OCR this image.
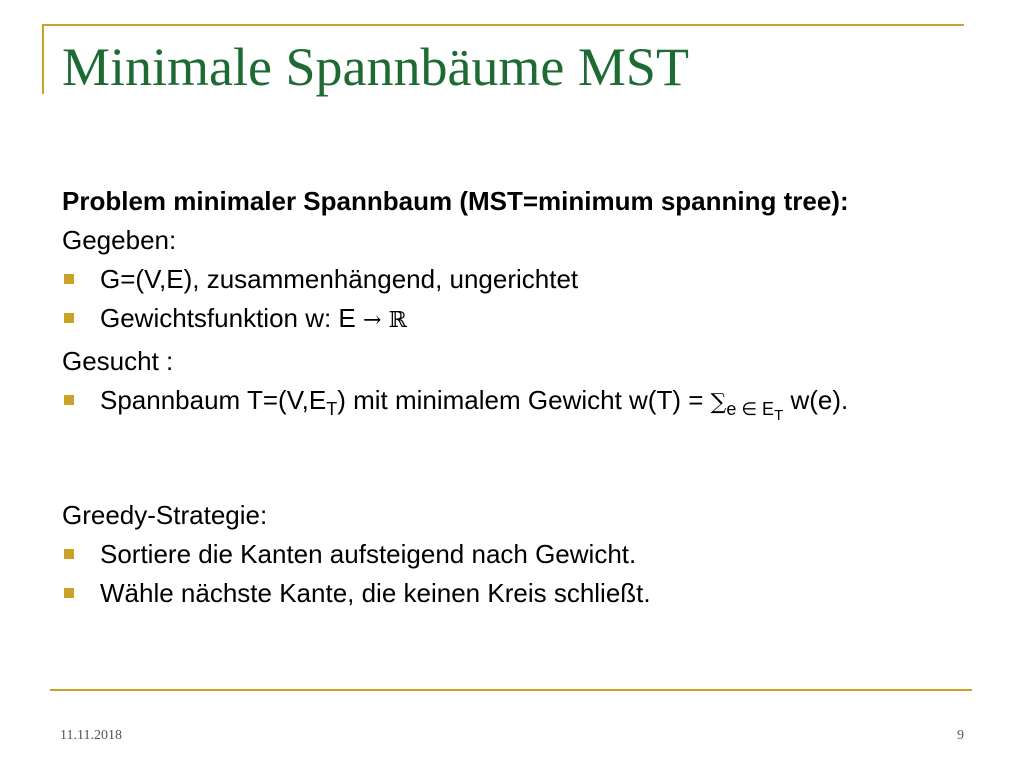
Minimale Spannbäume MST
Problem minimaler Spannbaum (MST=minimum spanning tree):
Gegeben:
G=(V,E), zusammenhängend, ungerichtet
Gewichtsfunktion w: E → ℝ
Gesucht :
Spannbaum $T=(V,E_T)$ mit minimalem Gewicht $w(T) = \sum_{e \in E_T}$ w(e).
Greedy-Strategie:
Sortiere die Kanten aufsteigend nach Gewicht.
Wähle nächste Kante, die keinen Kreis schließt.
11.11.2018	9
